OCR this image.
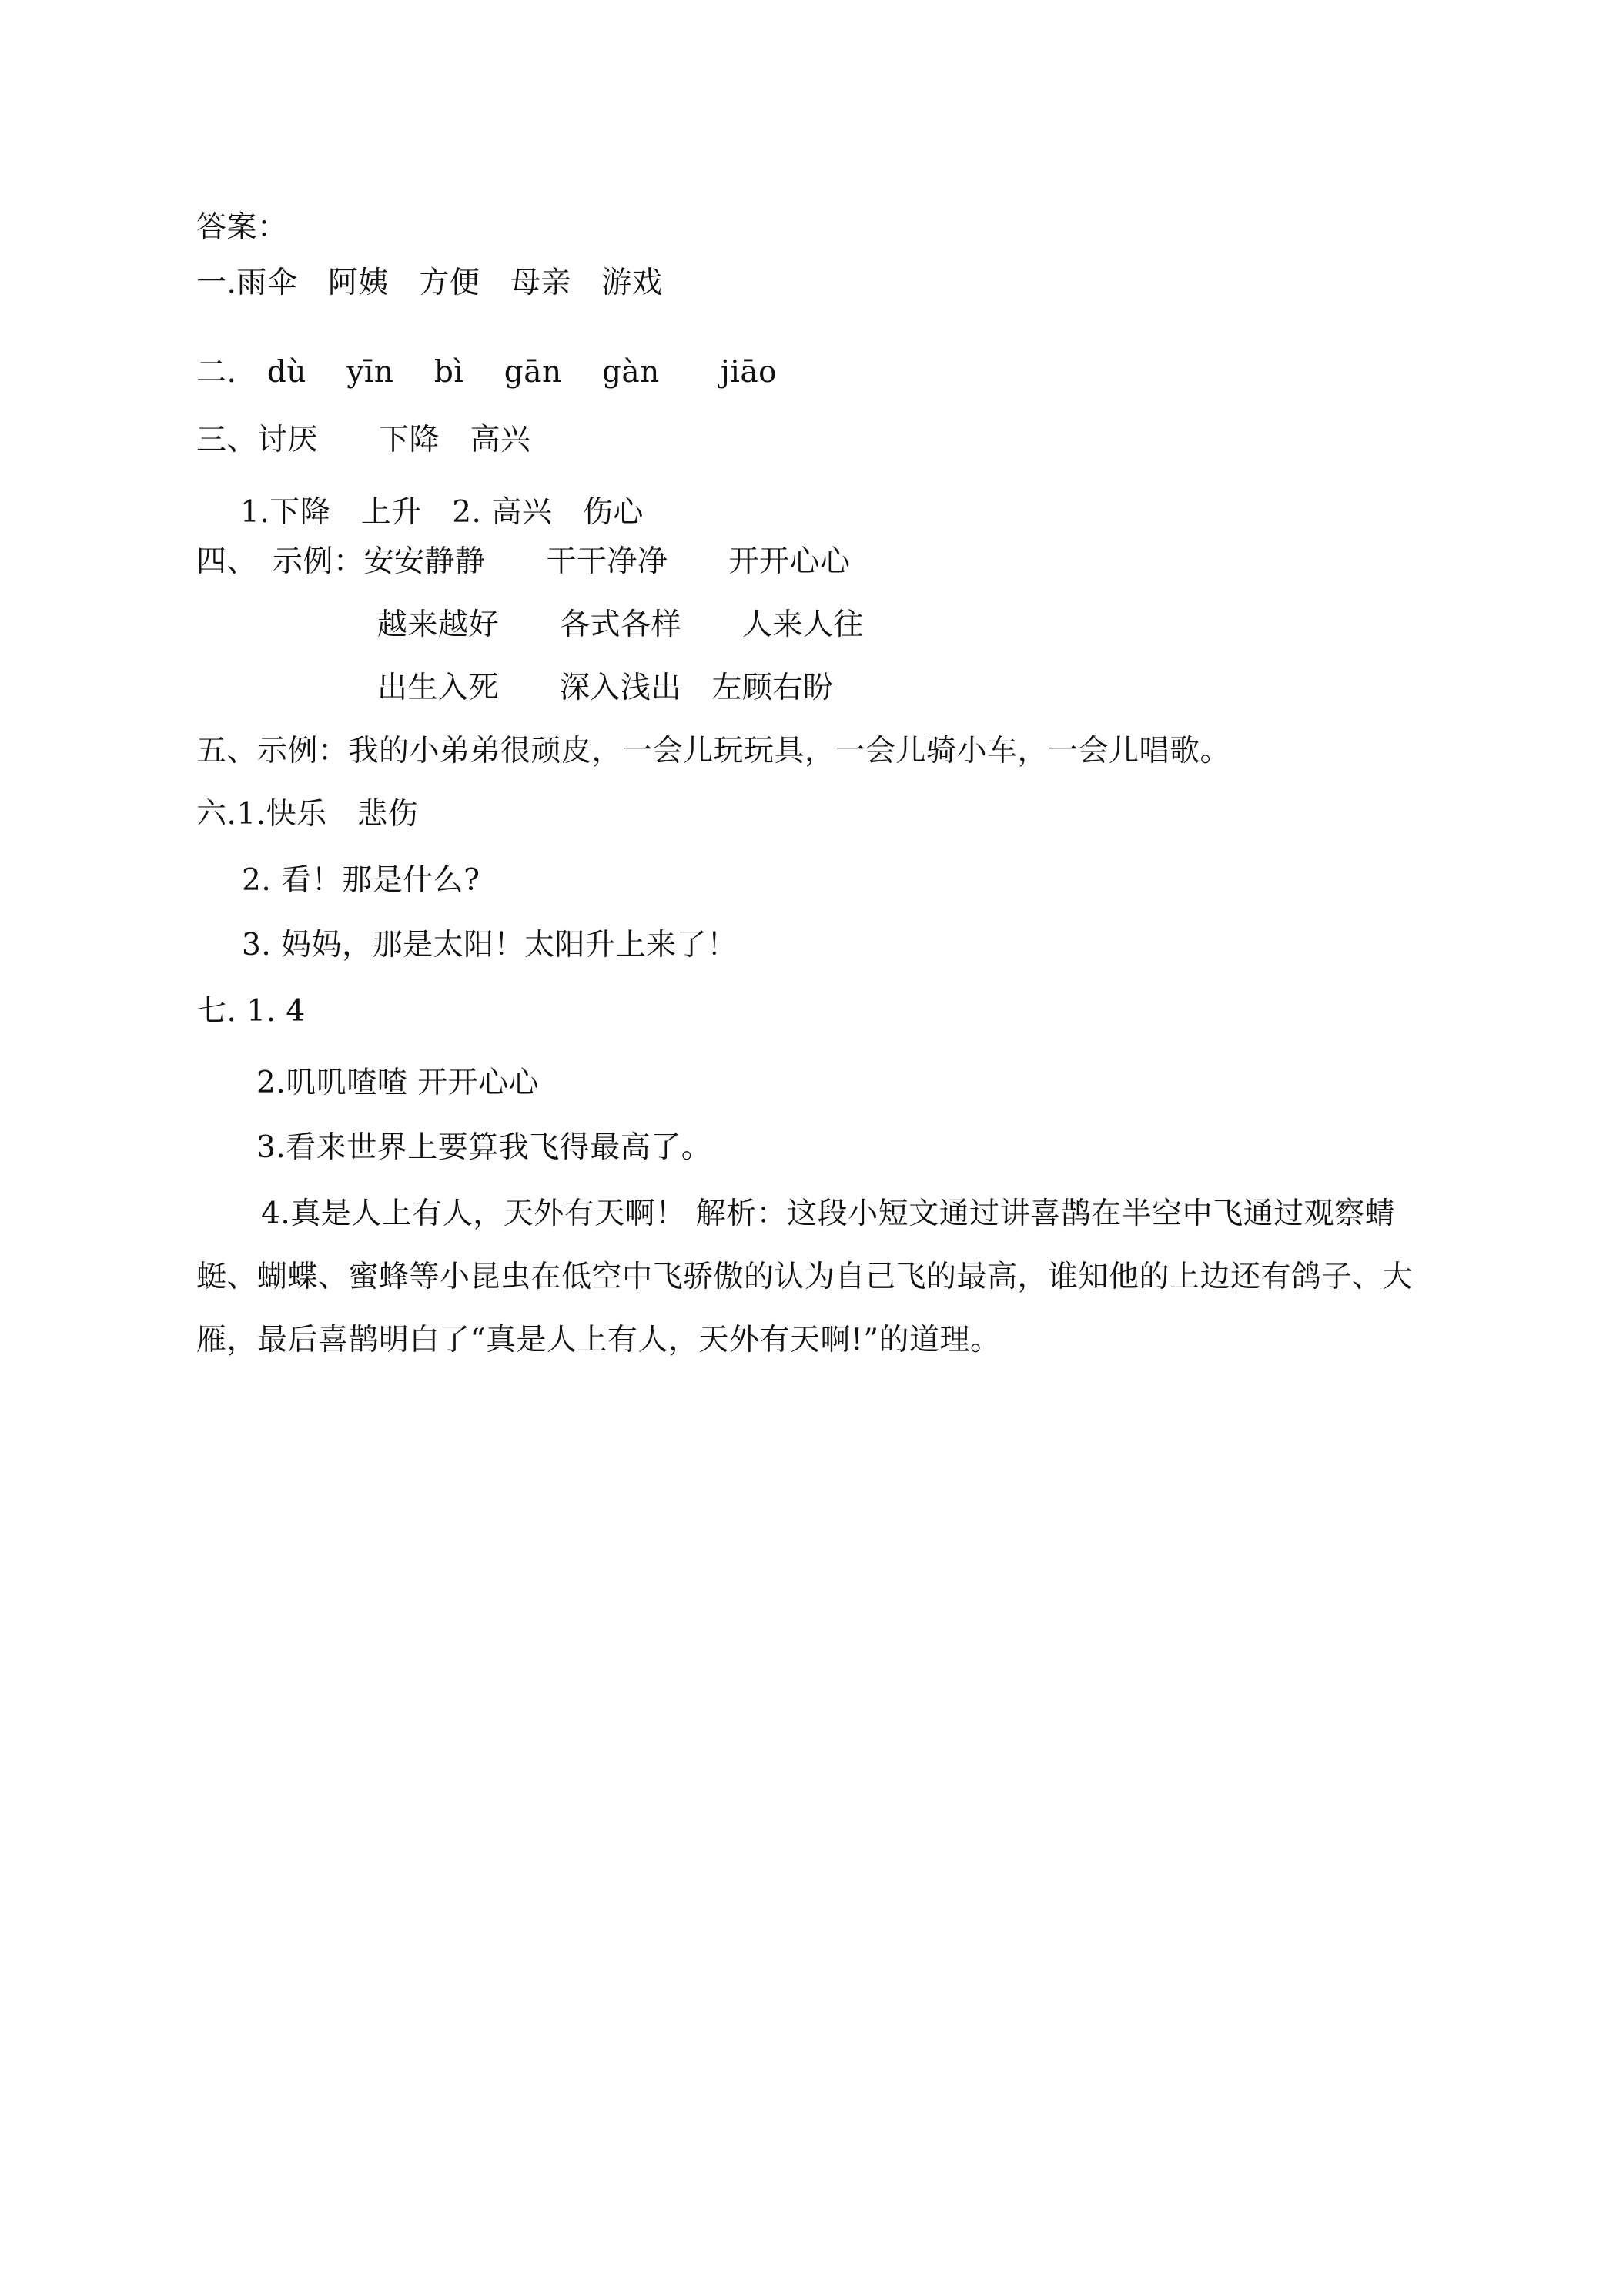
答案：
一.雨伞　阿姨　方便　母亲　游戏
二.　dù　 yīn　 bì　 gān　 gàn　　jiāo
三、讨厌　　下降　高兴
1.下降　上升　2. 高兴　伤心
四、　示例：安安静静　　干干净净　　开开心心
越来越好　　各式各样　　人来人往
出生入死　　深入浅出　左顾右盼
五、示例：我的小弟弟很顽皮，一会儿玩玩具，一会儿骑小车，一会儿唱歌。
六.1.快乐　悲伤
2. 看！那是什么?
3. 妈妈，那是太阳！太阳升上来了！
七. 1. 4
2.叽叽喳喳 开开心心
3.看来世界上要算我飞得最高了。
4.真是人上有人，天外有天啊！ 解析：这段小短文通过讲喜鹊在半空中飞通过观察蜻蜓、蝴蝶、蜜蜂等小昆虫在低空中飞骄傲的认为自己飞的最高，谁知他的上边还有鸽子、大雁，最后喜鹊明白了“真是人上有人，天外有天啊!”的道理。
